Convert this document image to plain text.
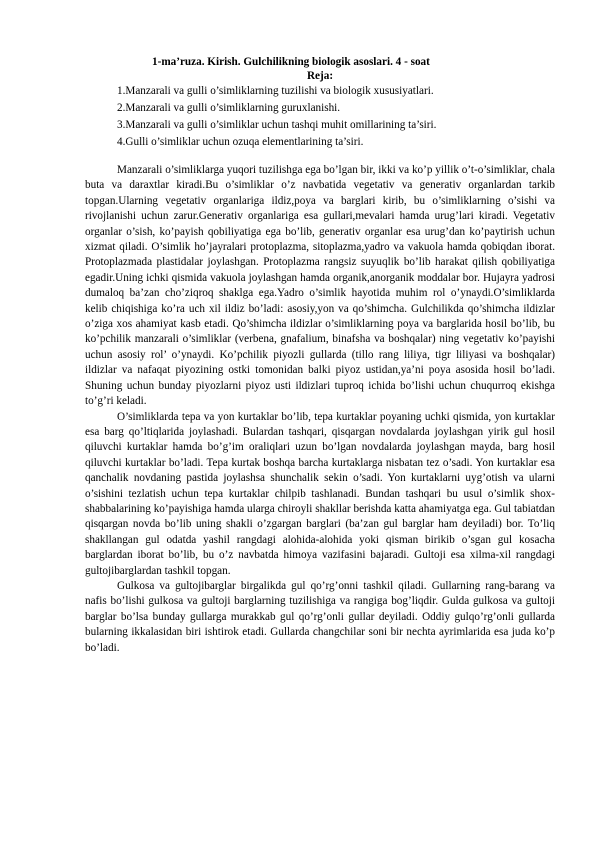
1-ma’ruza. Kirish. Gulchilikning biologik asoslari. 4 - soat

Reja:

1.Manzarali va gulli o’simliklarning tuzilishi va biologik xususiyatlari.
2.Manzarali va gulli o’simliklarning guruxlanishi.
3.Manzarali va gulli o’simliklar uchun tashqi muhit omillarining ta’siri.
4.Gulli o’simliklar uchun ozuqa elementlarining ta’siri.

Manzarali o’simliklarga yuqori tuzilishga ega bo’lgan bir, ikki va ko’p yillik o’t-o’simliklar, chala buta va daraxtlar kiradi.Bu o’simliklar o’z navbatida vegetativ va generativ organlardan tarkib topgan.Ularning vegetativ organlariga ildiz,poya va barglari kirib, bu o’simliklarning o’sishi va rivojlanishi uchun zarur.Generativ organlariga esa gullari,mevalari hamda urug’lari kiradi. Vegetativ organlar o’sish, ko’payish qobiliyatiga ega bo’lib, generativ organlar esa urug’dan ko’paytirish uchun xizmat qiladi. O’simlik ho’jayralari protoplazma, sitoplazma,yadro va vakuola hamda qobiqdan iborat. Protoplazmada plastidalar joylashgan. Protoplazma rangsiz suyuqlik bo’lib harakat qilish qobiliyatiga egadir.Uning ichki qismida vakuola joylashgan hamda organik,anorganik moddalar bor. Hujayra yadrosi dumaloq ba’zan cho’ziqroq shaklga ega.Yadro o’simlik hayotida muhim rol o’ynaydi.O’simliklarda kelib chiqishiga ko’ra uch xil ildiz bo’ladi: asosiy,yon va qo’shimcha. Gulchilikda qo’shimcha ildizlar o’ziga xos ahamiyat kasb etadi. Qo’shimcha ildizlar o’simliklarning poya va barglarida hosil bo’lib, bu ko’pchilik manzarali o’simliklar (verbena, gnafalium, binafsha va boshqalar) ning vegetativ ko’payishi uchun asosiy rol’ o’ynaydi. Ko’pchilik piyozli gullarda (tillo rang liliya, tigr liliyasi va boshqalar) ildizlar va nafaqat piyozining ostki tomonidan balki piyoz ustidan,ya’ni poya asosida hosil bo’ladi. Shuning uchun bunday piyozlarni piyoz usti ildizlari tuproq ichida bo’lishi uchun chuqurroq ekishga to’g’ri keladi.

O’simliklarda tepa va yon kurtaklar bo’lib, tepa kurtaklar poyaning uchki qismida, yon kurtaklar esa barg qo’ltiqlarida joylashadi. Bulardan tashqari, qisqargan novdalarda joylashgan yirik gul hosil qiluvchi kurtaklar hamda bo’g’im oraliqlari uzun bo’lgan novdalarda joylashgan mayda, barg hosil qiluvchi kurtaklar bo’ladi. Tepa kurtak boshqa barcha kurtaklarga nisbatan tez o’sadi. Yon kurtaklar esa qanchalik novdaning pastida joylashsa shunchalik sekin o’sadi. Yon kurtaklarni uyg’otish va ularni o’sishini tezlatish uchun tepa kurtaklar chilpib tashlanadi. Bundan tashqari bu usul o’simlik shox-shabbalarining ko’payishiga hamda ularga chiroyli shakllar berishda katta ahamiyatga ega. Gul tabiatdan qisqargan novda bo’lib uning shakli o’zgargan barglari (ba’zan gul barglar ham deyiladi) bor. To’liq shakllangan gul odatda yashil rangdagi alohida-alohida yoki qisman birikib o’sgan gul kosacha barglardan iborat bo’lib, bu o’z navbatda himoya vazifasini bajaradi. Gultoji esa xilma-xil rangdagi gultojibarglardan tashkil topgan.

Gulkosa va gultojibarglar birgalikda gul qo’rg’onni tashkil qiladi. Gullarning rang-barang va nafis bo’lishi gulkosa va gultoji barglarning tuzilishiga va rangiga bog’liqdir. Gulda gulkosa va gultoji barglar bo’lsa bunday gullarga murakkab gul qo’rg’onli gullar deyiladi. Oddiy gulqo’rg’onli gullarda bularning ikkalasidan biri ishtirok etadi. Gullarda changchilar soni bir nechta ayrimlarida esa juda ko’p bo’ladi.
